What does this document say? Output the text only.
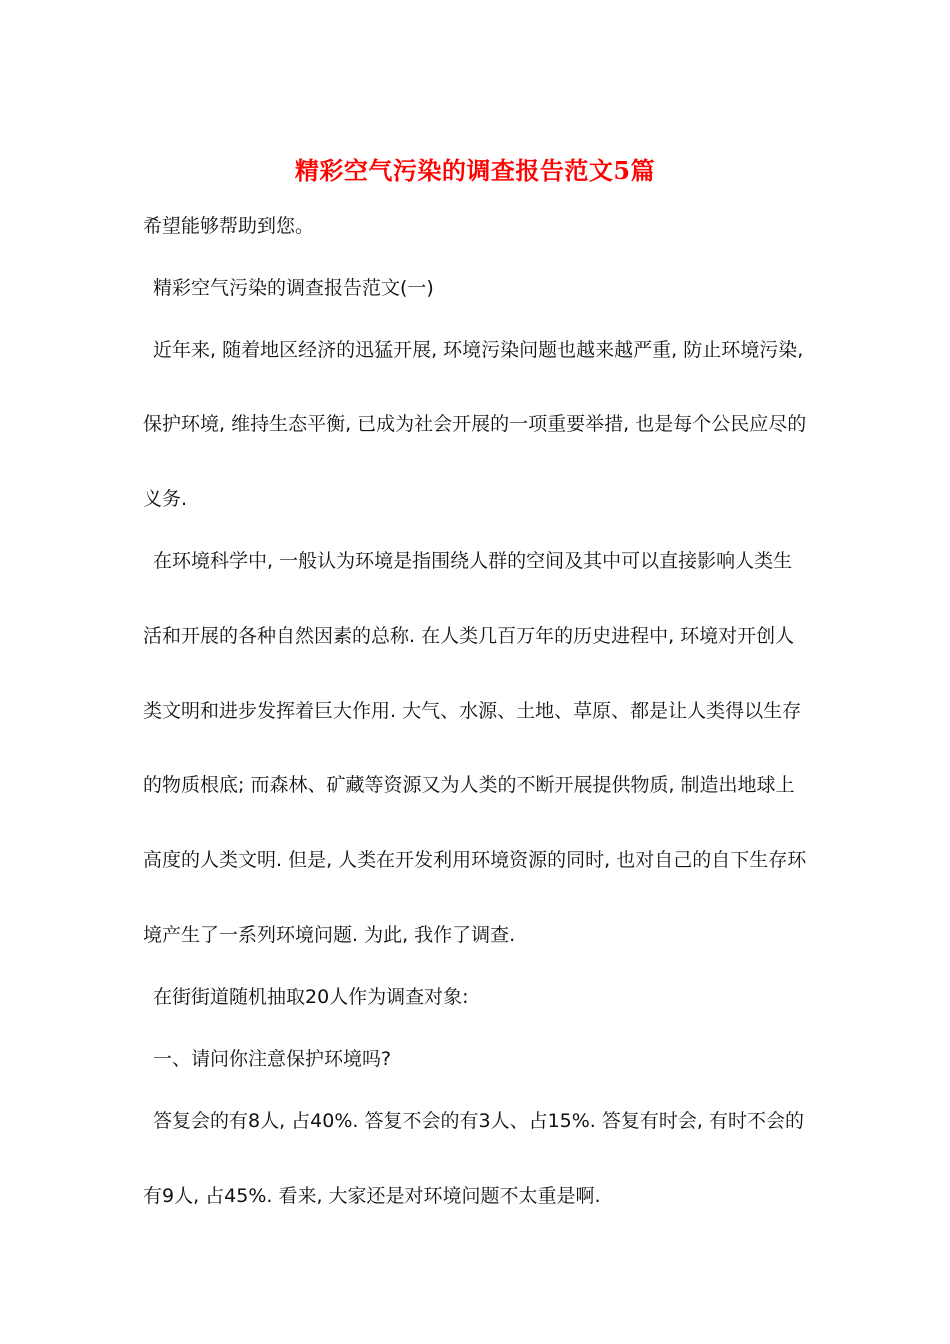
精彩空气污染的调查报告范文5篇
希望能够帮助到您。
精彩空气污染的调查报告范文(一)
近年来, 随着地区经济的迅猛开展, 环境污染问题也越来越严重, 防止环境污染,
保护环境, 维持生态平衡, 已成为社会开展的一项重要举措, 也是每个公民应尽的
义务.
在环境科学中, 一般认为环境是指围绕人群的空间及其中可以直接影响人类生
活和开展的各种自然因素的总称. 在人类几百万年的历史进程中, 环境对开创人
类文明和进步发挥着巨大作用. 大气、水源、土地、草原、都是让人类得以生存
的物质根底; 而森林、矿藏等资源又为人类的不断开展提供物质, 制造出地球上
高度的人类文明. 但是, 人类在开发利用环境资源的同时, 也对自己的自下生存环
境产生了一系列环境问题. 为此, 我作了调查.
在街街道随机抽取20人作为调查对象:
一、请问你注意保护环境吗?
答复会的有8人, 占40%. 答复不会的有3人、占15%. 答复有时会, 有时不会的
有9人, 占45%. 看来, 大家还是对环境问题不太重是啊.
